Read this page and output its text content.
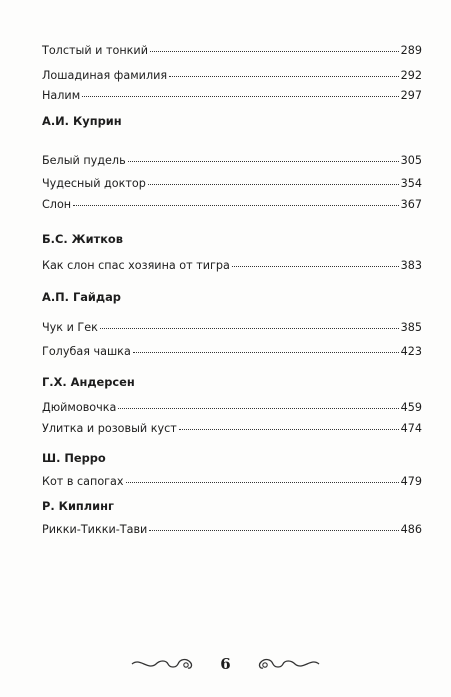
Толстый и тонкий	289
Лошадиная фамилия	292
Налим	297
А.И. Куприн
Белый пудель	305
Чудесный доктор	354
Слон	367
Б.С. Житков
Как слон спас хозяина от тигра	383
А.П. Гайдар
Чук и Гек	385
Голубая чашка	423
Г.Х. Андерсен
Дюймовочка	459
Улитка и розовый куст	474
Ш. Перро
Кот в сапогах	479
Р. Киплинг
Рикки-Тикки-Тави	486
6
